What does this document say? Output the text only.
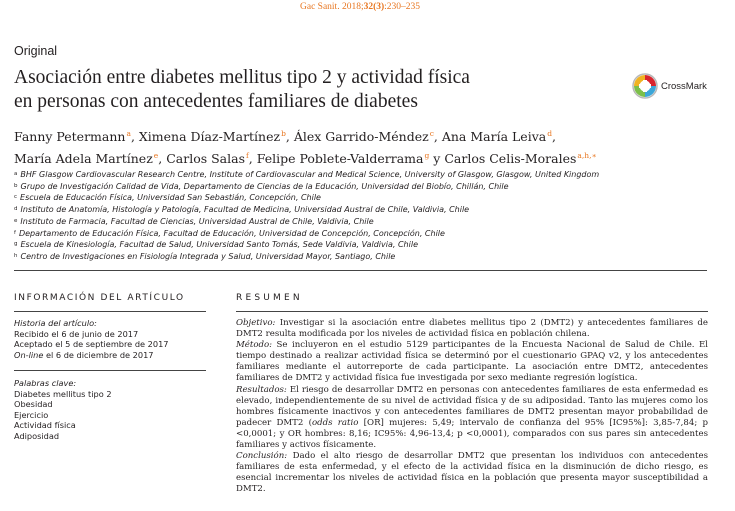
Gac Sanit. 2018;32(3):230–235
Original
Asociación entre diabetes mellitus tipo 2 y actividad física
en personas con antecedentes familiares de diabetes
CrossMark
Fanny Petermann$^a$, Ximena Díaz-Martínez$^b$, Álex Garrido-Méndez$^c$, Ana María Leiva$^d$,
María Adela Martínez$^e$, Carlos Salas$^f$, Felipe Poblete-Valderrama$^g$ y Carlos Celis-Morales$^{a,h,∗}$
$^a$ BHF Glasgow Cardiovascular Research Centre, Institute of Cardiovascular and Medical Science, University of Glasgow, Glasgow, United Kingdom
$^b$ Grupo de Investigación Calidad de Vida, Departamento de Ciencias de la Educación, Universidad del Biobío, Chillán, Chile
$^c$ Escuela de Educación Física, Universidad San Sebastián, Concepción, Chile
$^d$ Instituto de Anatomía, Histología y Patología, Facultad de Medicina, Universidad Austral de Chile, Valdivia, Chile
$^e$ Instituto de Farmacia, Facultad de Ciencias, Universidad Austral de Chile, Valdivia, Chile
$^f$ Departamento de Educación Física, Facultad de Educación, Universidad de Concepción, Concepción, Chile
$^g$ Escuela de Kinesiología, Facultad de Salud, Universidad Santo Tomás, Sede Valdivia, Valdivia, Chile
$^h$ Centro de Investigaciones en Fisiología Integrada y Salud, Universidad Mayor, Santiago, Chile
INFORMACIÓN DEL ARTÍCULO	RESUMEN
Historia del artículo:
Recibido el 6 de junio de 2017
Aceptado el 5 de septiembre de 2017
On-line el 6 de diciembre de 2017
Palabras clave:
Diabetes mellitus tipo 2
Obesidad
Ejercicio
Actividad física
Adiposidad

Objetivo: Investigar si la asociación entre diabetes mellitus tipo 2 (DMT2) y antecedentes familiares de DMT2 resulta modificada por los niveles de actividad física en población chilena.

Método: Se incluyeron en el estudio 5129 participantes de la Encuesta Nacional de Salud de Chile. El tiempo destinado a realizar actividad física se determinó por el cuestionario GPAQ v2, y los antecedentes familiares mediante el autorreporte de cada participante. La asociación entre DMT2, antecedentes familiares de DMT2 y actividad física fue investigada por sexo mediante regresión logística.

Resultados: El riesgo de desarrollar DMT2 en personas con antecedentes familiares de esta enfermedad es elevado, independientemente de su nivel de actividad física y de su adiposidad. Tanto las mujeres como los hombres físicamente inactivos y con antecedentes familiares de DMT2 presentan mayor probabilidad de padecer DMT2 (odds ratio [OR] mujeres: 5,49; intervalo de confianza del 95% [IC95%]: 3,85-7,84; p <0,0001; y OR hombres: 8,16; IC95%: 4,96-13,4; p <0,0001), comparados con sus pares sin antecedentes familiares y activos físicamente.

Conclusión: Dado el alto riesgo de desarrollar DMT2 que presentan los individuos con antecedentes familiares de esta enfermedad, y el efecto de la actividad física en la disminución de dicho riesgo, es esencial incrementar los niveles de actividad física en la población que presenta mayor susceptibilidad a DMT2.
